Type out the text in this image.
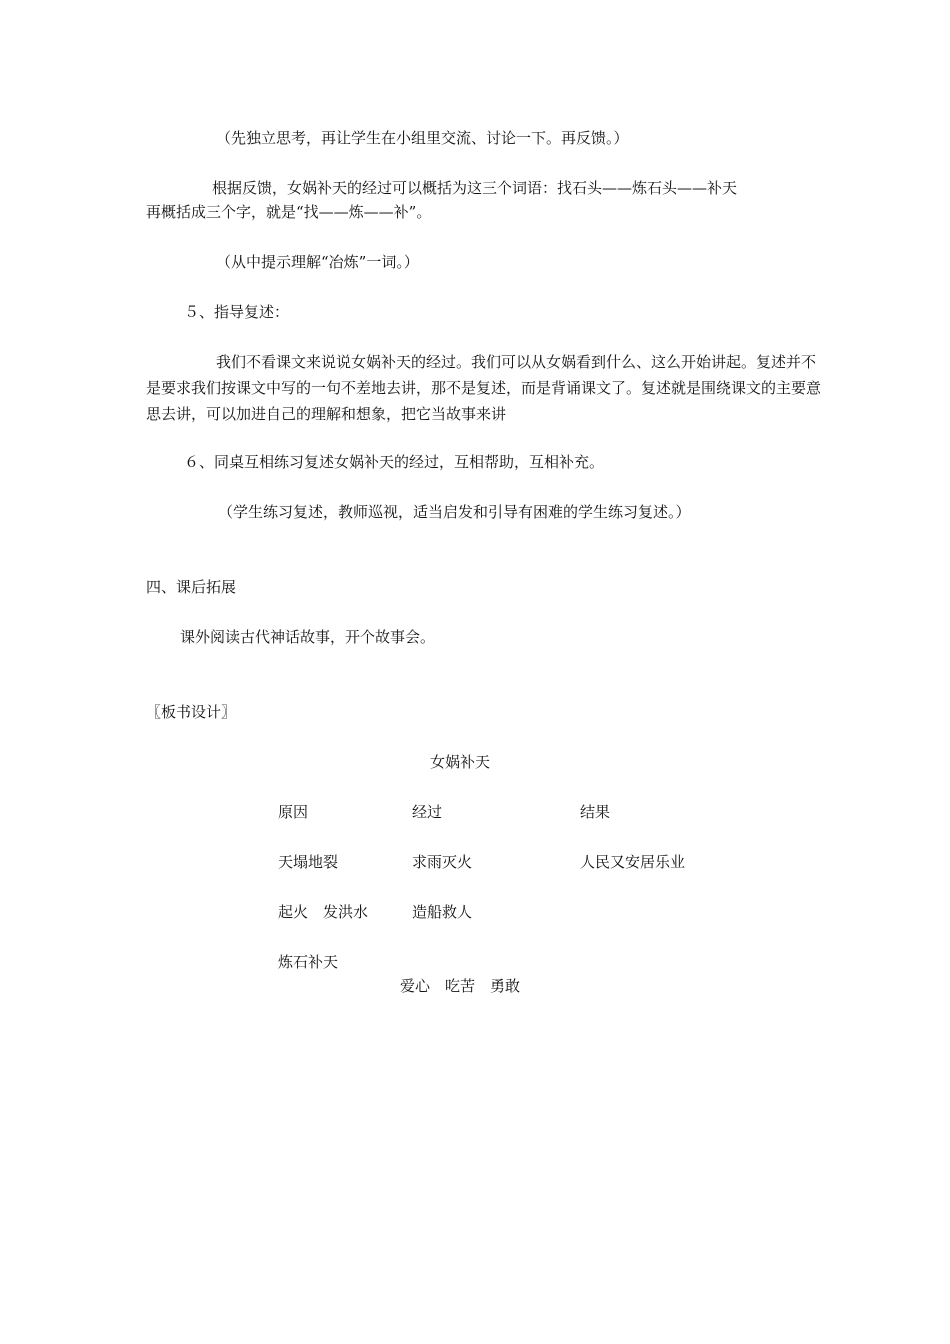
（先独立思考，再让学生在小组里交流、讨论一下。再反馈。）
根据反馈，女娲补天的经过可以概括为这三个词语：找石头——炼石头——补天
再概括成三个字，就是“找——炼——补”。
（从中提示理解“冶炼”一词。）
５、指导复述：
我们不看课文来说说女娲补天的经过。我们可以从女娲看到什么、这么开始讲起。复述并不是要求我们按课文中写的一句不差地去讲，那不是复述，而是背诵课文了。复述就是围绕课文的主要意思去讲，可以加进自己的理解和想象，把它当故事来讲
６、同桌互相练习复述女娲补天的经过，互相帮助，互相补充。
（学生练习复述，教师巡视，适当启发和引导有困难的学生练习复述。）
四、课后拓展
课外阅读古代神话故事，开个故事会。
〖板书设计〗
女娲补天
原因	经过	结果
天塌地裂	求雨灭火	人民又安居乐业
起火　发洪水	造船救人
炼石补天
爱心　吃苦　勇敢
